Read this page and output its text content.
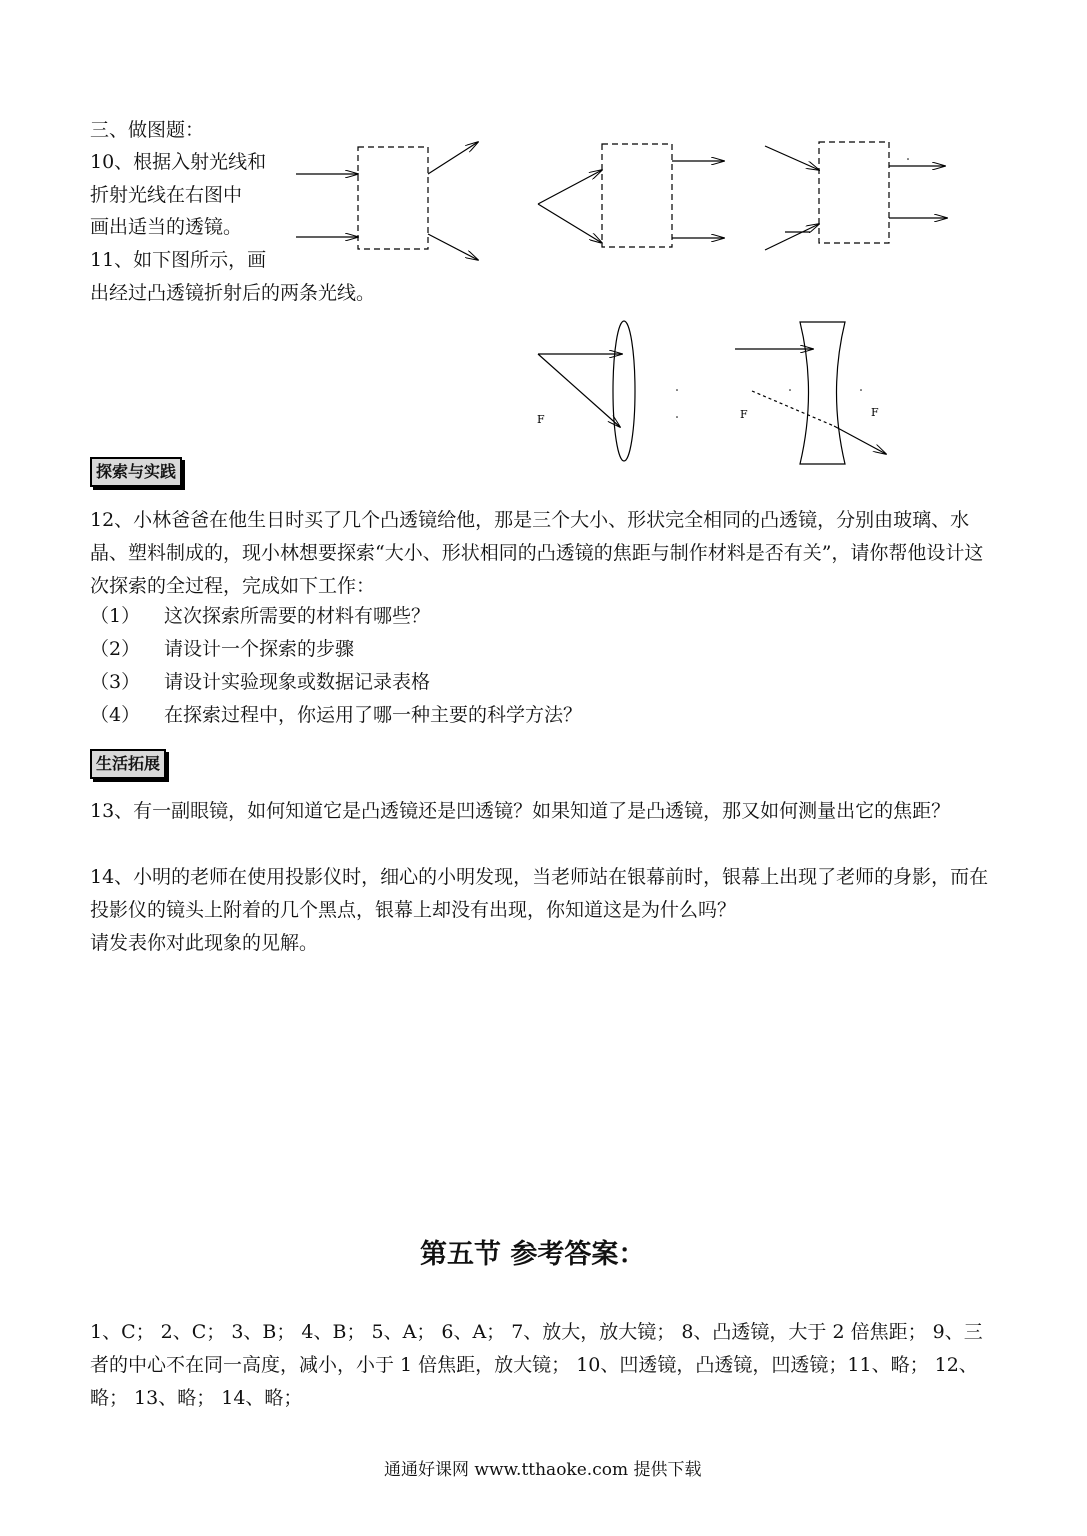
三、做图题：
10、根据入射光线和
折射光线在右图中
画出适当的透镜。
11、如下图所示，画
出经过凸透镜折射后的两条光线。
F	F	F
探索与实践
12、小林爸爸在他生日时买了几个凸透镜给他，那是三个大小、形状完全相同的凸透镜，分别由玻璃、水晶、塑料制成的，现小林想要探索“大小、形状相同的凸透镜的焦距与制作材料是否有关”，请你帮他设计这次探索的全过程，完成如下工作：
（1） 这次探索所需要的材料有哪些？
（2） 请设计一个探索的步骤
（3） 请设计实验现象或数据记录表格
（4） 在探索过程中，你运用了哪一种主要的科学方法？
生活拓展
13、有一副眼镜，如何知道它是凸透镜还是凹透镜？如果知道了是凸透镜，那又如何测量出它的焦距？
14、小明的老师在使用投影仪时，细心的小明发现，当老师站在银幕前时，银幕上出现了老师的身影，而在投影仪的镜头上附着的几个黑点，银幕上却没有出现，你知道这是为什么吗？
请发表你对此现象的见解。
第五节 参考答案：
1、C； 2、C； 3、B； 4、B； 5、A； 6、A； 7、放大，放大镜； 8、凸透镜，大于 2 倍焦距； 9、三者的中心不在同一高度，减小，小于 1 倍焦距，放大镜； 10、凹透镜，凸透镜，凹透镜；11、略； 12、略； 13、略； 14、略；
通通好课网 www.tthaoke.com 提供下载
